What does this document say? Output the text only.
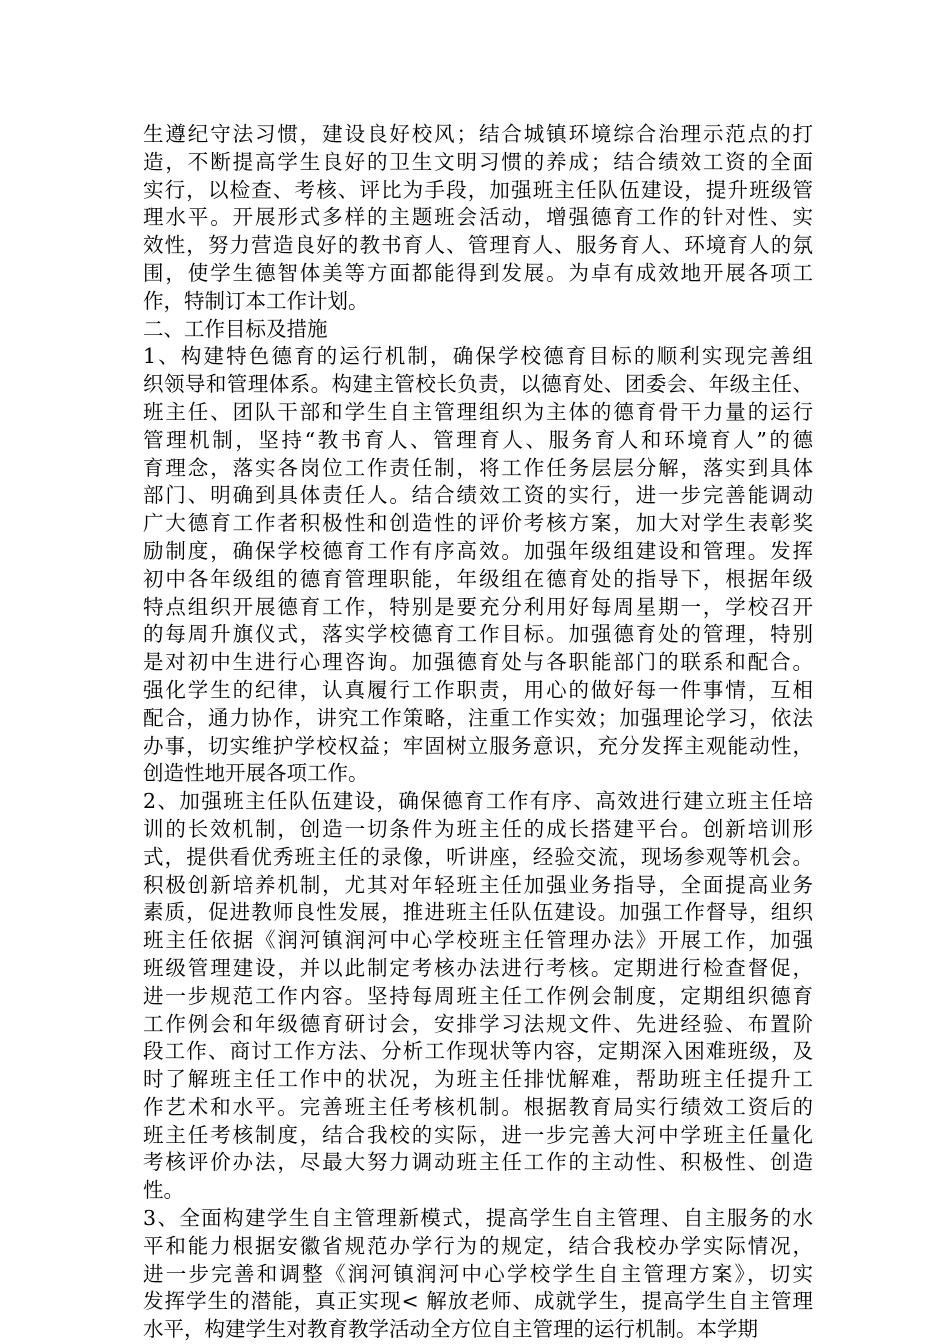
生遵纪守法习惯，建设良好校风；结合城镇环境综合治理示范点的打
造，不断提高学生良好的卫生文明习惯的养成；结合绩效工资的全面
实行，以检查、考核、评比为手段，加强班主任队伍建设，提升班级管
理水平。开展形式多样的主题班会活动，增强德育工作的针对性、实
效性，努力营造良好的教书育人、管理育人、服务育人、环境育人的氛
围，使学生德智体美等方面都能得到发展。为卓有成效地开展各项工
作，特制订本工作计划。
二、工作目标及措施
1、构建特色德育的运行机制，确保学校德育目标的顺利实现完善组
织领导和管理体系。构建主管校长负责，以德育处、团委会、年级主任、
班主任、团队干部和学生自主管理组织为主体的德育骨干力量的运行
管理机制，坚持“教书育人、管理育人、服务育人和环境育人”的德
育理念，落实各岗位工作责任制，将工作任务层层分解，落实到具体
部门、明确到具体责任人。结合绩效工资的实行，进一步完善能调动
广大德育工作者积极性和创造性的评价考核方案，加大对学生表彰奖
励制度，确保学校德育工作有序高效。加强年级组建设和管理。发挥
初中各年级组的德育管理职能，年级组在德育处的指导下，根据年级
特点组织开展德育工作，特别是要充分利用好每周星期一，学校召开
的每周升旗仪式，落实学校德育工作目标。加强德育处的管理，特别
是对初中生进行心理咨询。加强德育处与各职能部门的联系和配合。
强化学生的纪律，认真履行工作职责，用心的做好每一件事情，互相
配合，通力协作，讲究工作策略，注重工作实效；加强理论学习，依法
办事，切实维护学校权益；牢固树立服务意识，充分发挥主观能动性，
创造性地开展各项工作。
2、加强班主任队伍建设，确保德育工作有序、高效进行建立班主任培
训的长效机制，创造一切条件为班主任的成长搭建平台。创新培训形
式，提供看优秀班主任的录像，听讲座，经验交流，现场参观等机会。
积极创新培养机制，尤其对年轻班主任加强业务指导，全面提高业务
素质，促进教师良性发展，推进班主任队伍建设。加强工作督导，组织
班主任依据《润河镇润河中心学校班主任管理办法》开展工作，加强
班级管理建设，并以此制定考核办法进行考核。定期进行检查督促，
进一步规范工作内容。坚持每周班主任工作例会制度，定期组织德育
工作例会和年级德育研讨会，安排学习法规文件、先进经验、布置阶
段工作、商讨工作方法、分析工作现状等内容，定期深入困难班级，及
时了解班主任工作中的状况，为班主任排忧解难，帮助班主任提升工
作艺术和水平。完善班主任考核机制。根据教育局实行绩效工资后的
班主任考核制度，结合我校的实际，进一步完善大河中学班主任量化
考核评价办法，尽最大努力调动班主任工作的主动性、积极性、创造
性。
3、全面构建学生自主管理新模式，提高学生自主管理、自主服务的水
平和能力根据安徽省规范办学行为的规定，结合我校办学实际情况，
进一步完善和调整《润河镇润河中心学校学生自主管理方案》，切实
发挥学生的潜能，真正实现< 解放老师、成就学生，提高学生自主管理
水平，构建学生对教育教学活动全方位自主管理的运行机制。本学期
